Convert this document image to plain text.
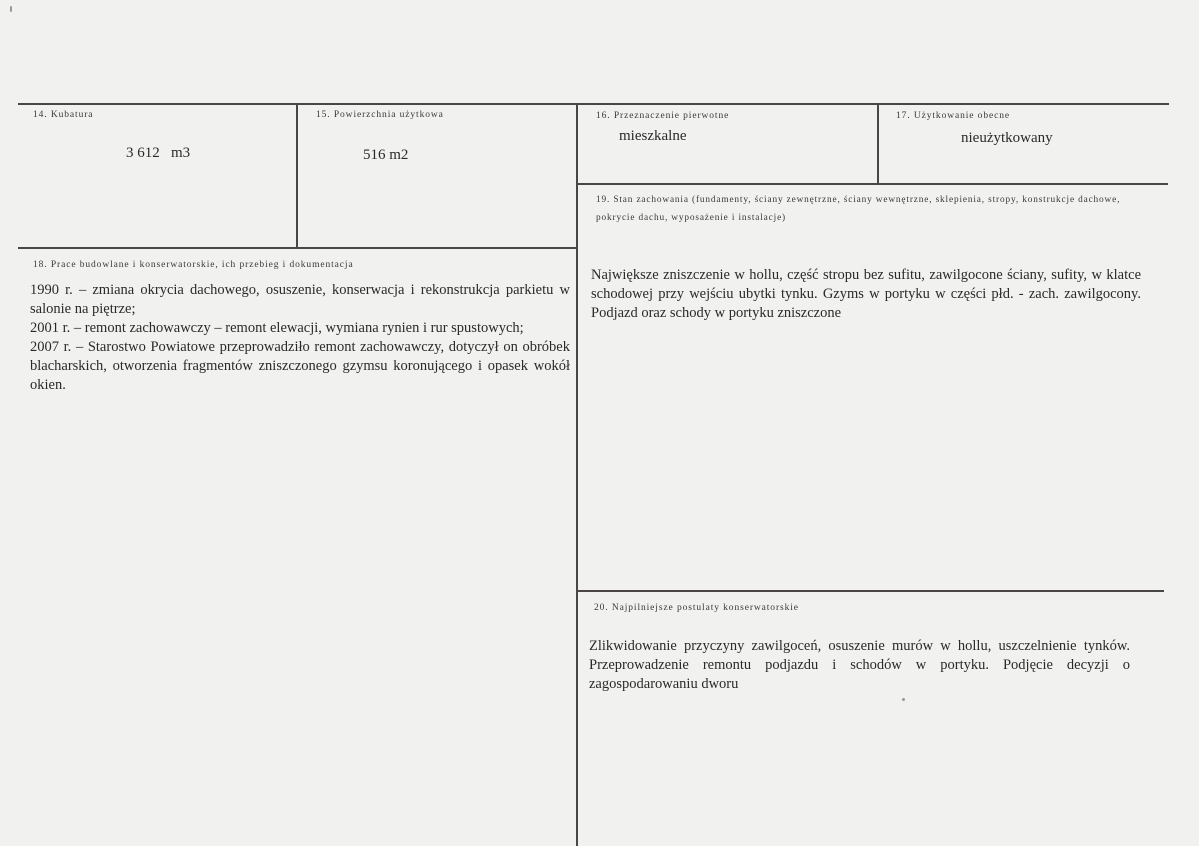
14. Kubatura
3 612   m3
15. Powierzchnia użytkowa
516 m2
16. Przeznaczenie pierwotne
mieszkalne
17. Użytkowanie obecne
nieużytkowany
19. Stan zachowania (fundamenty, ściany zewnętrzne, ściany wewnętrzne, sklepienia, stropy, konstrukcje dachowe, pokrycie dachu, wyposażenie i instalacje)
Największe zniszczenie w hollu, część stropu bez sufitu, zawilgocone ściany, sufity, w klatce schodowej przy wejściu ubytki tynku. Gzyms w portyku w części płd. - zach. zawilgocony. Podjazd oraz schody w portyku zniszczone
18. Prace budowlane i konserwatorskie, ich przebieg i dokumentacja

1990 r. – zmiana okrycia dachowego, osuszenie, konserwacja i rekonstrukcja parkietu w salonie na piętrze;

2001 r. – remont zachowawczy – remont elewacji, wymiana rynien i rur spustowych;

2007 r. – Starostwo Powiatowe przeprowadziło remont zachowawczy, dotyczył on obróbek blacharskich, otworzenia fragmentów zniszczonego gzymsu koronującego i opasek wokół okien.

20. Najpilniejsze postulaty konserwatorskie
Zlikwidowanie przyczyny zawilgoceń, osuszenie murów w hollu, uszczelnienie tynków. Przeprowadzenie remontu podjazdu i schodów w portyku. Podjęcie decyzji o zagospodarowaniu dworu
